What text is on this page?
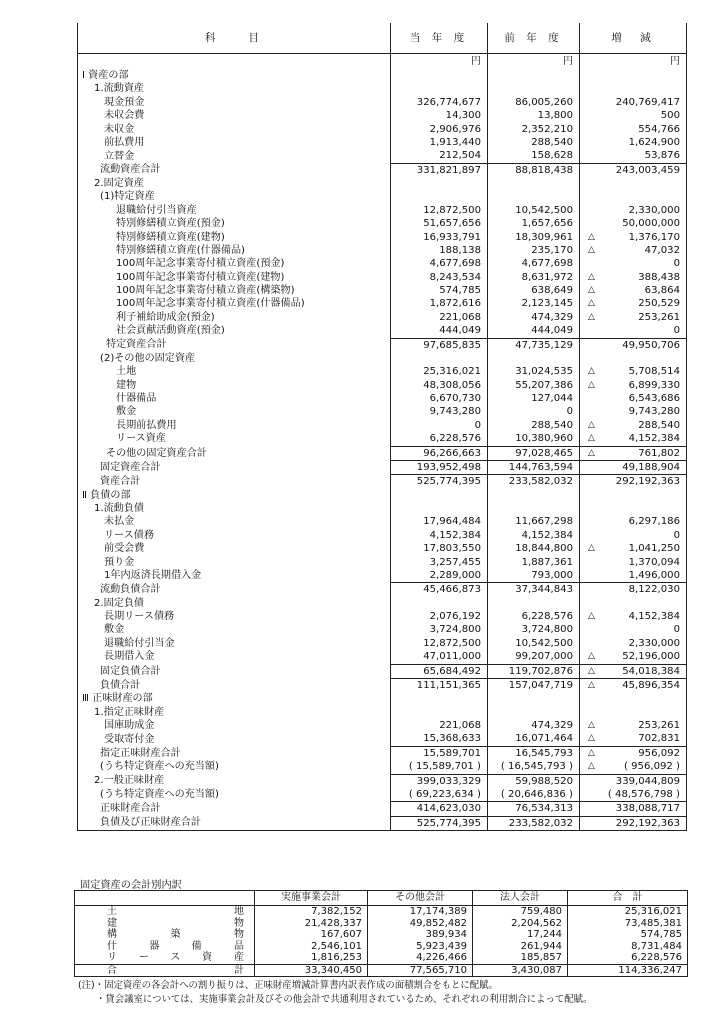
科　　目	当 年 度	前 年 度	増　減
	円	円	円
Ⅰ 資産の部			
1.流動資産			
現金預金	326,774,677	86,005,260	240,769,417
未収会費	14,300	13,800	500
未収金	2,906,976	2,352,210	554,766
前払費用	1,913,440	288,540	1,624,900
立替金	212,504	158,628	53,876
流動資産合計	331,821,897	88,818,438	243,003,459
2.固定資産			
(1)特定資産			
退職給付引当資産	12,872,500	10,542,500	2,330,000
特別修繕積立資産(預金)	51,657,656	1,657,656	50,000,000
特別修繕積立資産(建物)	16,933,791	18,309,961	△ 1,376,170
特別修繕積立資産(什器備品)	188,138	235,170	△ 47,032
100周年記念事業寄付積立資産(預金)	4,677,698	4,677,698	0
100周年記念事業寄付積立資産(建物)	8,243,534	8,631,972	△ 388,438
100周年記念事業寄付積立資産(構築物)	574,785	638,649	△ 63,864
100周年記念事業寄付積立資産(什器備品)	1,872,616	2,123,145	△ 250,529
利子補給助成金(預金)	221,068	474,329	△ 253,261
社会貢献活動資産(預金)	444,049	444,049	0
特定資産合計	97,685,835	47,735,129	49,950,706
(2)その他の固定資産			
土地	25,316,021	31,024,535	△ 5,708,514
建物	48,308,056	55,207,386	△ 6,899,330
什器備品	6,670,730	127,044	6,543,686
敷金	9,743,280	0	9,743,280
長期前払費用	0	288,540	△ 288,540
リース資産	6,228,576	10,380,960	△ 4,152,384
その他の固定資産合計	96,266,663	97,028,465	△ 761,802
固定資産合計	193,952,498	144,763,594	49,188,904
資産合計	525,774,395	233,582,032	292,192,363
Ⅱ 負債の部			
1.流動負債			
未払金	17,964,484	11,667,298	6,297,186
リース債務	4,152,384	4,152,384	0
前受会費	17,803,550	18,844,800	△ 1,041,250
預り金	3,257,455	1,887,361	1,370,094
1年内返済長期借入金	2,289,000	793,000	1,496,000
流動負債合計	45,466,873	37,344,843	8,122,030
2.固定負債			
長期リース債務	2,076,192	6,228,576	△ 4,152,384
敷金	3,724,800	3,724,800	0
退職給付引当金	12,872,500	10,542,500	2,330,000
長期借入金	47,011,000	99,207,000	△ 52,196,000
固定負債合計	65,684,492	119,702,876	△ 54,018,384
負債合計	111,151,365	157,047,719	△ 45,896,354
Ⅲ 正味財産の部			
1.指定正味財産			
国庫助成金	221,068	474,329	△ 253,261
受取寄付金	15,368,633	16,071,464	△ 702,831
指定正味財産合計	15,589,701	16,545,793	△ 956,092
(うち特定資産への充当額)	( 15,589,701 )	( 16,545,793 )	△ ( 956,092 )
2.一般正味財産	399,033,329	59,988,520	339,044,809
(うち特定資産への充当額)	( 69,223,634 )	( 20,646,836 )	( 48,576,798 )
正味財産合計	414,623,030	76,534,313	338,088,717
負債及び正味財産合計	525,774,395	233,582,032	292,192,363
固定資産の会計別内訳
	実施事業会計	その他会計	法人会計	合　計
土地	7,382,152	17,174,389	759,480	25,316,021
建物	21,428,337	49,852,482	2,204,562	73,485,381
構築物	167,607	389,934	17,244	574,785
什器備品	2,546,101	5,923,439	261,944	8,731,484
リース資産	1,816,253	4,226,466	185,857	6,228,576
合計	33,340,450	77,565,710	3,430,087	114,336,247
(注)・固定資産の各会計への割り振りは、正味財産増減計算書内訳表作成の面積割合をもとに配賦。
・貸会議室については、実施事業会計及びその他会計で共通利用されているため、それぞれの利用割合によって配賦。
